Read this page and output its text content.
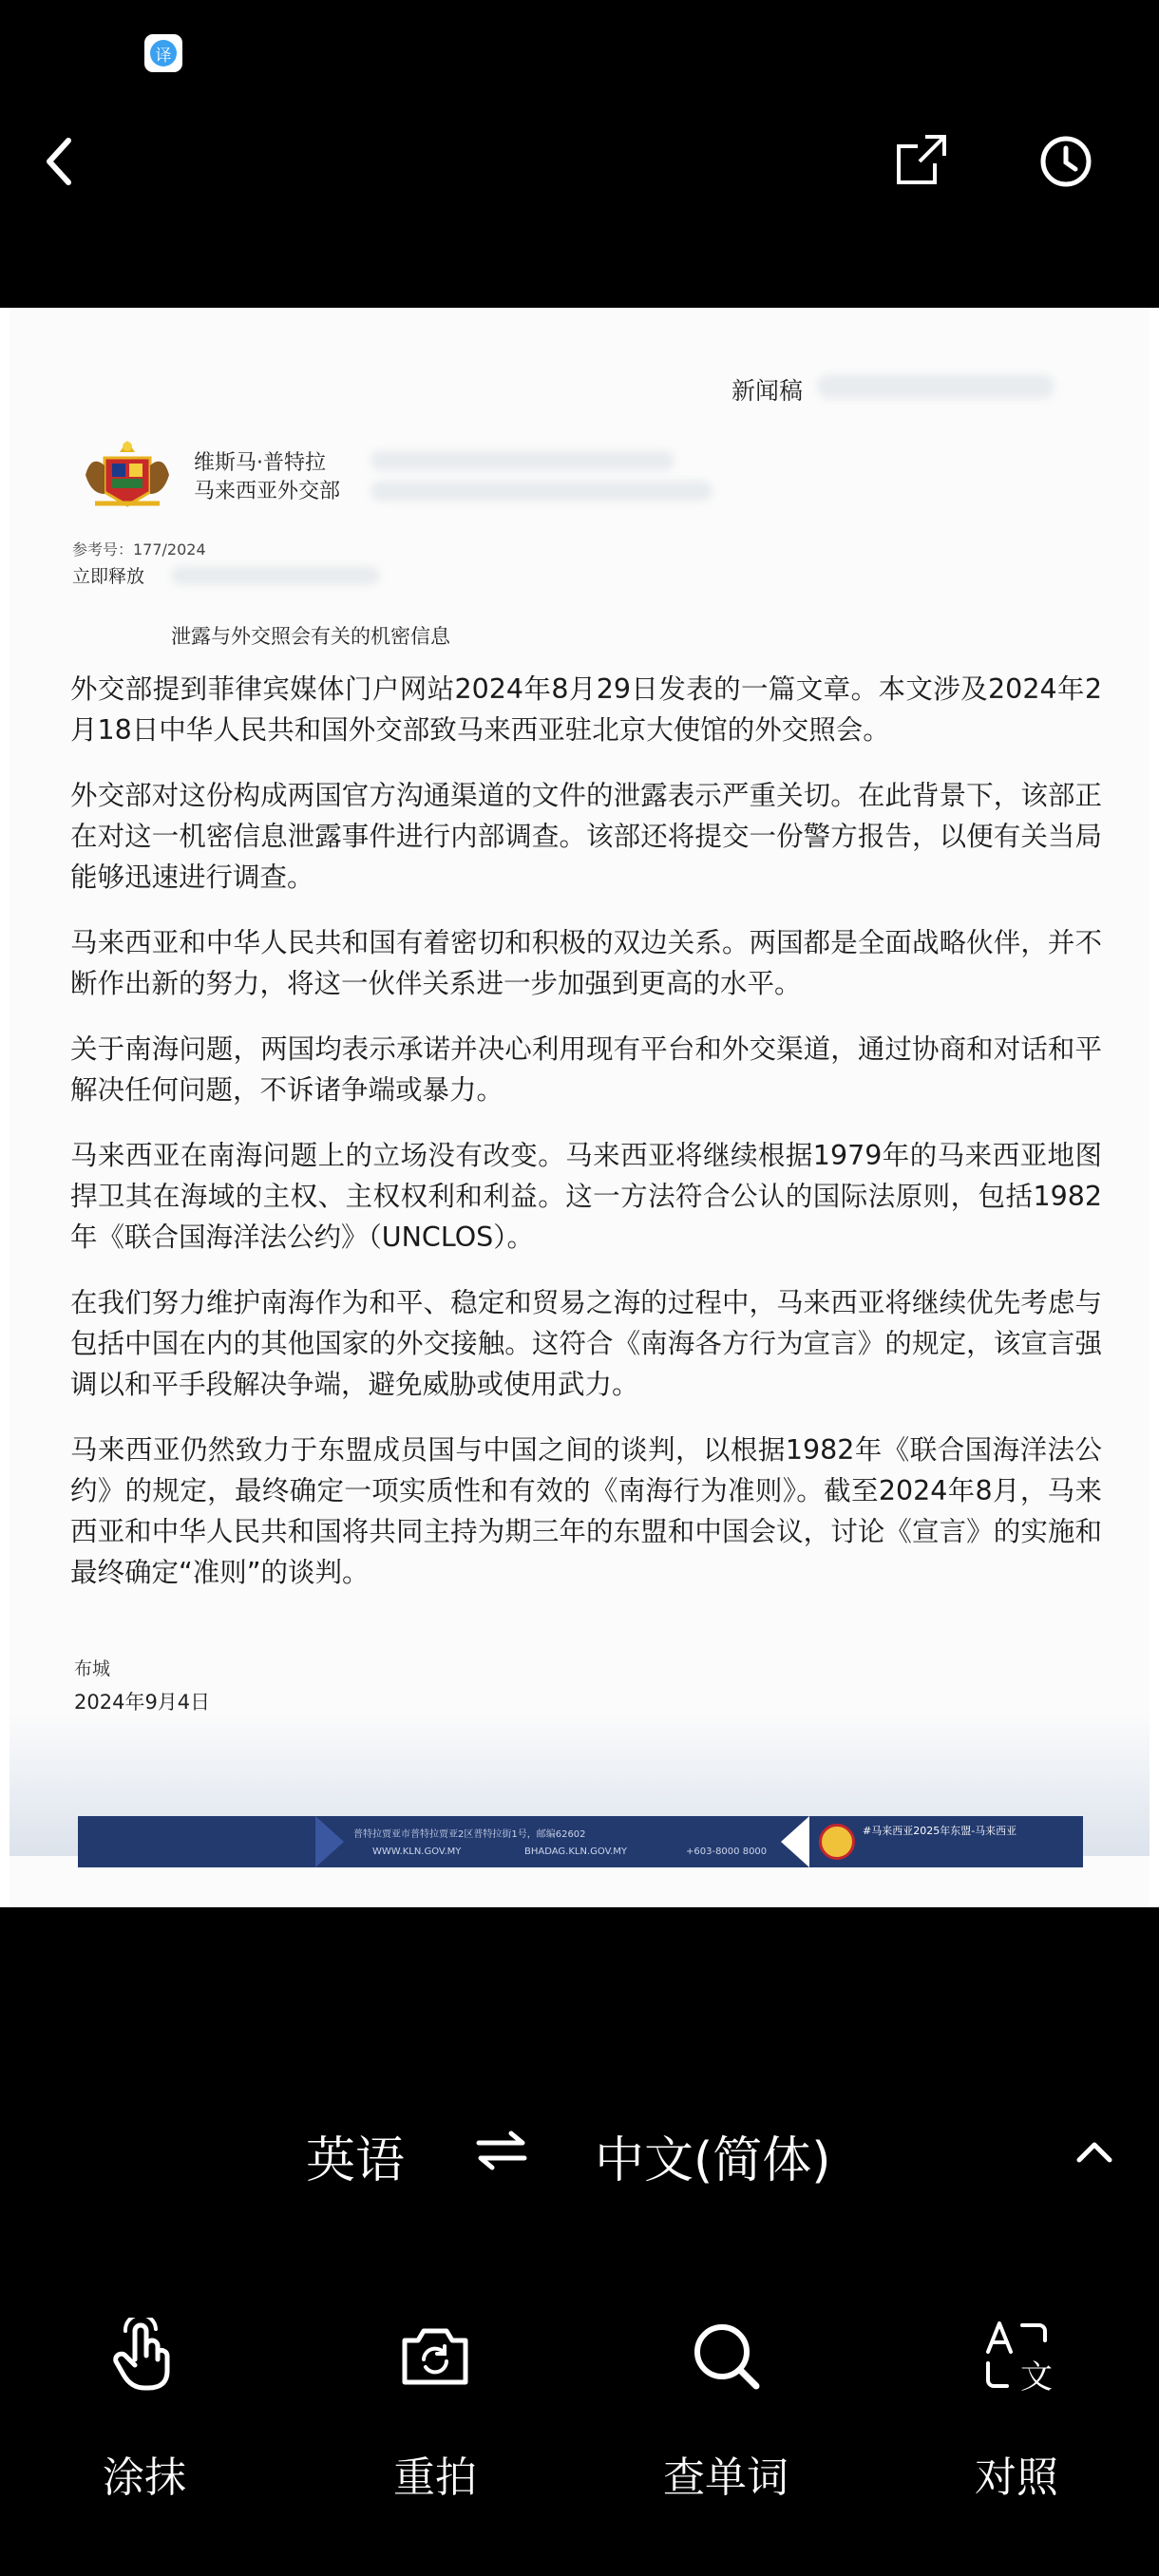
译
新闻稿
维斯马·普特拉
马来西亚外交部
参考号：177/2024
立即释放
泄露与外交照会有关的机密信息

外交部提到菲律宾媒体门户网站2024年8月29日发表的一篇文章。本文涉及2024年2月18日中华人民共和国外交部致马来西亚驻北京大使馆的外交照会。

外交部对这份构成两国官方沟通渠道的文件的泄露表示严重关切。在此背景下，该部正在对这一机密信息泄露事件进行内部调查。该部还将提交一份警方报告，以便有关当局能够迅速进行调查。

马来西亚和中华人民共和国有着密切和积极的双边关系。两国都是全面战略伙伴，并不断作出新的努力，将这一伙伴关系进一步加强到更高的水平。

关于南海问题，两国均表示承诺并决心利用现有平台和外交渠道，通过协商和对话和平解决任何问题，不诉诸争端或暴力。

马来西亚在南海问题上的立场没有改变。马来西亚将继续根据1979年的马来西亚地图捍卫其在海域的主权、主权权利和利益。这一方法符合公认的国际法原则，包括1982年《联合国海洋法公约》（UNCLOS）。

在我们努力维护南海作为和平、稳定和贸易之海的过程中，马来西亚将继续优先考虑与包括中国在内的其他国家的外交接触。这符合《南海各方行为宣言》的规定，该宣言强调以和平手段解决争端，避免威胁或使用武力。

马来西亚仍然致力于东盟成员国与中国之间的谈判，以根据1982年《联合国海洋法公约》的规定，最终确定一项实质性和有效的《南海行为准则》。截至2024年8月，马来西亚和中华人民共和国将共同主持为期三年的东盟和中国会议，讨论《宣言》的实施和最终确定“准则”的谈判。

布城
2024年9月4日
普特拉贾亚市普特拉贾亚2区普特拉街1号，邮编62602
WWW.KLN.GOV.MY	BHADAG.KLN.GOV.MY	+603-8000 8000
#马来西亚2025年东盟-马来西亚
英语	中文(简体)
涂抹	重拍	查单词
文
对照
